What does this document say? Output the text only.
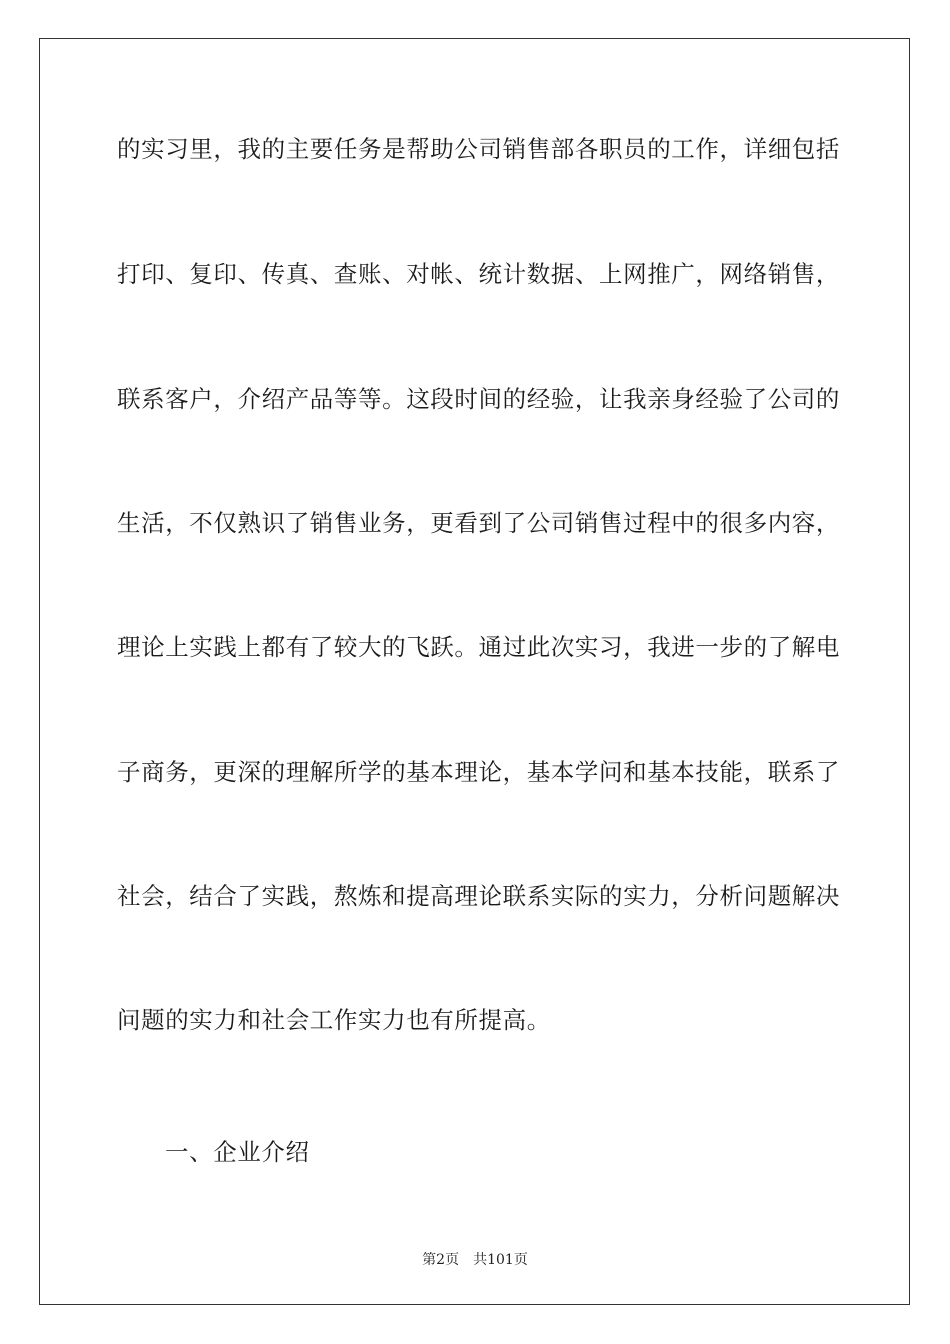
的实习里，我的主要任务是帮助公司销售部各职员的工作，详细包括
打印、复印、传真、查账、对帐、统计数据、上网推广，网络销售，
联系客户，介绍产品等等。这段时间的经验，让我亲身经验了公司的
生活，不仅熟识了销售业务，更看到了公司销售过程中的很多内容，
理论上实践上都有了较大的飞跃。通过此次实习，我进一步的了解电
子商务，更深的理解所学的基本理论，基本学问和基本技能，联系了
社会，结合了实践，熬炼和提高理论联系实际的实力，分析问题解决
问题的实力和社会工作实力也有所提高。
一、企业介绍
第2页 共101页
